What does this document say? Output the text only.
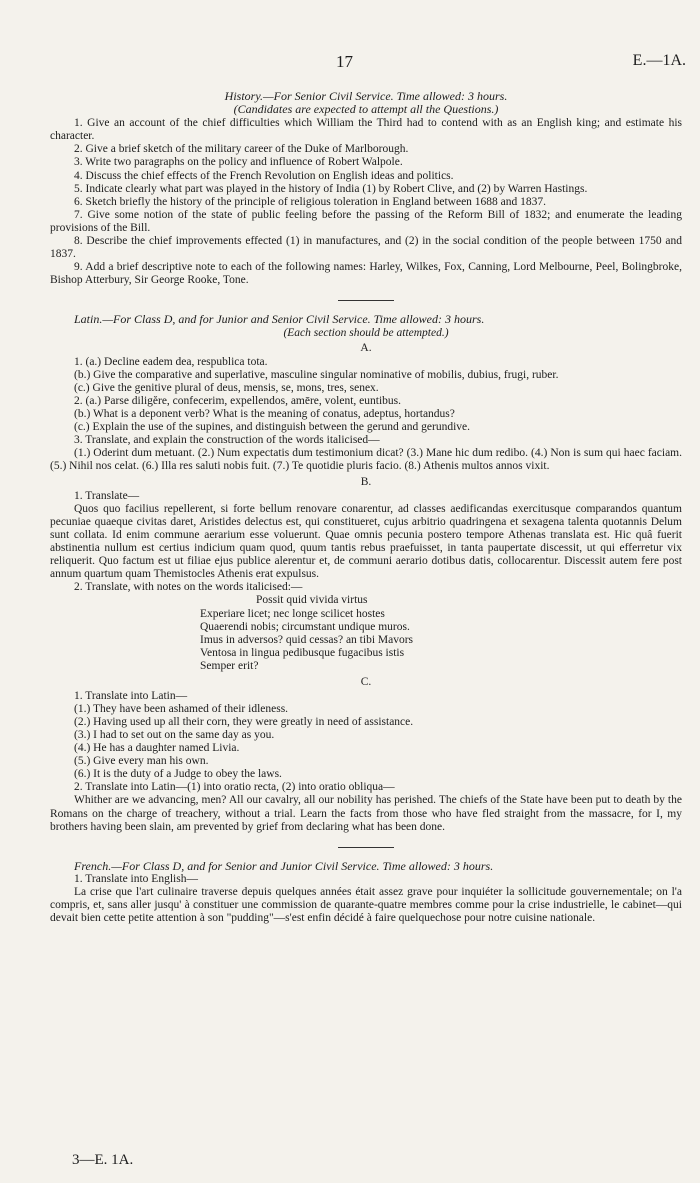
17	E.—1A.
History.—For Senior Civil Service. Time allowed: 3 hours.
(Candidates are expected to attempt all the Questions.)

1. Give an account of the chief difficulties which William the Third had to contend with as an English king; and estimate his character.

2. Give a brief sketch of the military career of the Duke of Marlborough.

3. Write two paragraphs on the policy and influence of Robert Walpole.

4. Discuss the chief effects of the French Revolution on English ideas and politics.

5. Indicate clearly what part was played in the history of India (1) by Robert Clive, and (2) by Warren Hastings.

6. Sketch briefly the history of the principle of religious toleration in England between 1688 and 1837.

7. Give some notion of the state of public feeling before the passing of the Reform Bill of 1832; and enumerate the leading provisions of the Bill.

8. Describe the chief improvements effected (1) in manufactures, and (2) in the social condition of the people between 1750 and 1837.

9. Add a brief descriptive note to each of the following names: Harley, Wilkes, Fox, Canning, Lord Melbourne, Peel, Bolingbroke, Bishop Atterbury, Sir George Rooke, Tone.

Latin.—For Class D, and for Junior and Senior Civil Service. Time allowed: 3 hours.
(Each section should be attempted.)
A.

1. (a.) Decline eadem dea, respublica tota.

(b.) Give the comparative and superlative, masculine singular nominative of mobilis, dubius, frugi, ruber.

(c.) Give the genitive plural of deus, mensis, se, mons, tres, senex.

2. (a.) Parse diligĕre, confecerim, expellendos, amēre, volent, euntibus.

(b.) What is a deponent verb? What is the meaning of conatus, adeptus, hortandus?

(c.) Explain the use of the supines, and distinguish between the gerund and gerundive.

3. Translate, and explain the construction of the words italicised—

(1.) Oderint dum metuant. (2.) Num expectatis dum testimonium dicat? (3.) Mane hic dum redibo. (4.) Non is sum qui haec faciam. (5.) Nihil nos celat. (6.) Illa res saluti nobis fuit. (7.) Te quotidie pluris facio. (8.) Athenis multos annos vixit.

B.

1. Translate—

Quos quo facilius repellerent, si forte bellum renovare conarentur, ad classes aedificandas exercitusque comparandos quantum pecuniae quaeque civitas daret, Aristides delectus est, qui constitueret, cujus arbitrio quadringena et sexagena talenta quotannis Delum sunt collata. Id enim commune aerarium esse voluerunt. Quae omnis pecunia postero tempore Athenas translata est. Hic quâ fuerit abstinentia nullum est certius indicium quam quod, quum tantis rebus praefuisset, in tanta paupertate discessit, ut qui efferretur vix reliquerit. Quo factum est ut filiae ejus publice alerentur et, de communi aerario dotibus datis, collocarentur. Discessit autem fere post annum quartum quam Themistocles Athenis erat expulsus.

2. Translate, with notes on the words italicised:—

Possit quid vivida virtus
Experiare licet; nec longe scilicet hostes
Quaerendi nobis; circumstant undique muros.
Imus in adversos? quid cessas? an tibi Mavors
Ventosa in lingua pedibusque fugacibus istis
Semper erit?
C.

1. Translate into Latin—

(1.) They have been ashamed of their idleness.

(2.) Having used up all their corn, they were greatly in need of assistance.

(3.) I had to set out on the same day as you.

(4.) He has a daughter named Livia.

(5.) Give every man his own.

(6.) It is the duty of a Judge to obey the laws.

2. Translate into Latin—(1) into oratio recta, (2) into oratio obliqua—

Whither are we advancing, men? All our cavalry, all our nobility has perished. The chiefs of the State have been put to death by the Romans on the charge of treachery, without a trial. Learn the facts from those who have fled straight from the massacre, for I, my brothers having been slain, am prevented by grief from declaring what has been done.

French.—For Class D, and for Senior and Junior Civil Service. Time allowed: 3 hours.

1. Translate into English—

La crise que l'art culinaire traverse depuis quelques années était assez grave pour inquiéter la sollicitude gouvernementale; on l'a compris, et, sans aller jusqu' à constituer une commission de quarante-quatre membres comme pour la crise industrielle, le cabinet—qui devait bien cette petite attention à son "pudding"—s'est enfin décidé à faire quelquechose pour notre cuisine nationale.

3—E. 1A.
